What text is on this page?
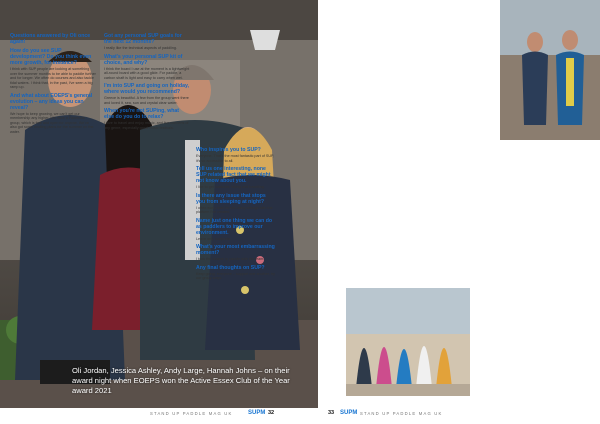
Oli Jordan, Jessica Ashley, Andy Large, Hannah Johns – on their award night when EOEPS won the Active Essex Club of the Year award 2021
STAND UP PADDLE MAG UK	SUPM 32
Questions answered by Oli once again!
How do you see SUP development? Do you think even more growth, for instance?
I think with SUP people are looking at something over the summer months to be able to paddle further and for longer. We often do courses and also tackle tidal waters. I think that, in the past, I've seen a big ramp up.
And what about EOEPS's general evolution – any ideas you can reveal?
We hope to keep growing, we can't get our membership any higher. We have a Facebook group, which is free and open for anyone. We've also got some exciting plans for the summer on the water.
Got any personal SUP goals for the next 12 months?
I really like the technical aspects of paddling.
What's your personal SUP kit of choice, and why?
I think the board I use at the moment is a lightweight all-round board with a good glide. For paddle, a carbon shaft is light and easy to carry when wet.
I'm into SUP and going on holiday, where would you recommend?
Greece is beautiful. A few from the group went there and loved it, sea, sun and crystal clear water.
When you're not SUPing, what else do you do to relax?
I love to travel and enjoy music, and live concerts of any genre, especially good music festivals.
Who inspires you to SUP?
Everyone. That's the most fantastic part of SUP, it's so accessible to all.
Tell us one interesting, none SUP related fact that we might not know about you.
I like to get outdoors, hiking and travelling.
Is there any issue that stops you from sleeping at night?
I often worry that I'm not doing enough with the platform I've created.
Name just one thing we can do as paddlers to improve our environment.
Leave only footprints.
What's your most embarrassing moment?
I took the chance to paddle with the team.
Any final thoughts on SUP?
Keep going, everyone – support one another, try our group ways.
33 SUPM STAND UP PADDLE MAG UK
